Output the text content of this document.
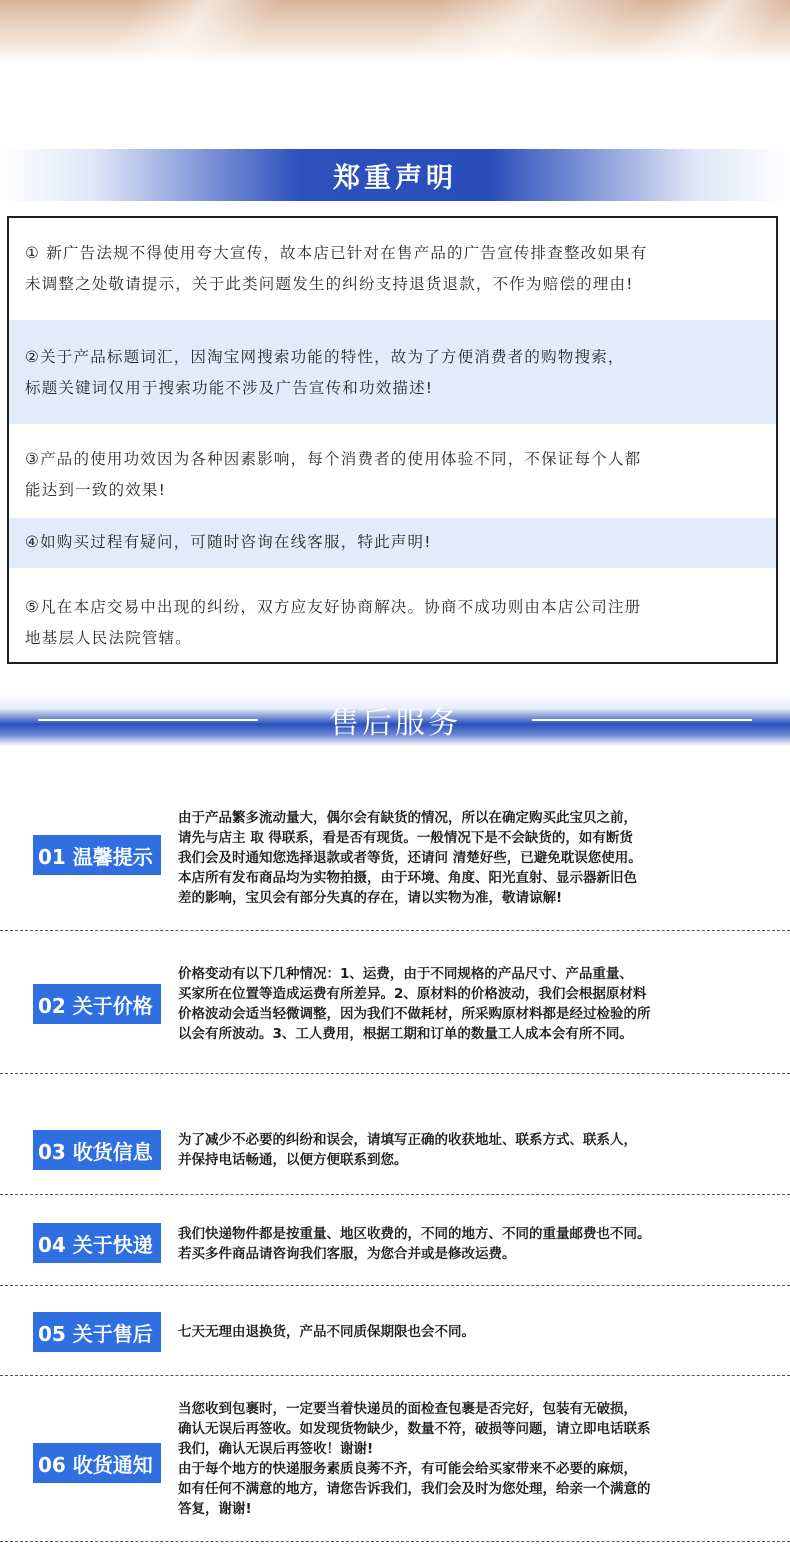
郑重声明
① 新广告法规不得使用夸大宣传，故本店已针对在售产品的广告宣传排查整改如果有
未调整之处敬请提示，关于此类问题发生的纠纷支持退货退款，不作为赔偿的理由!
②关于产品标题词汇，因淘宝网搜索功能的特性，故为了方便消费者的购物搜索，
标题关键词仅用于搜索功能不涉及广告宣传和功效描述!
③产品的使用功效因为各种因素影响，每个消费者的使用体验不同，不保证每个人都
能达到一致的效果!
④如购买过程有疑问，可随时咨询在线客服，特此声明!
⑤凡在本店交易中出现的纠纷，双方应友好协商解决。协商不成功则由本店公司注册
地基层人民法院管辖。
售后服务
01 温馨提示
由于产品繁多流动量大，偶尔会有缺货的情况，所以在确定购买此宝贝之前，
请先与店主 取 得联系，看是否有现货。一般情况下是不会缺货的，如有断货
我们会及时通知您选择退款或者等货，还请问 清楚好些，已避免耽误您使用。
本店所有发布商品均为实物拍摄，由于环境、角度、阳光直射、显示器新旧色
差的影响，宝贝会有部分失真的存在，请以实物为准，敬请谅解!
02 关于价格
价格变动有以下几种情况：1、运费，由于不同规格的产品尺寸、产品重量、
买家所在位置等造成运费有所差异。2、原材料的价格波动，我们会根据原材料
价格波动会适当轻微调整，因为我们不做耗材，所采购原材料都是经过检验的所
以会有所波动。3、工人费用，根据工期和订单的数量工人成本会有所不同。
03 收货信息	为了减少不必要的纠纷和误会，请填写正确的收获地址、联系方式、联系人，
并保持电话畅通，以便方便联系到您。
04 关于快递	我们快递物件都是按重量、地区收费的，不同的地方、不同的重量邮费也不同。
若买多件商品请咨询我们客服，为您合并或是修改运费。
05 关于售后	七天无理由退换货，产品不同质保期限也会不同。
06 收货通知
当您收到包裹时，一定要当着快递员的面检查包裹是否完好，包装有无破损，
确认无误后再签收。如发现货物缺少，数量不符，破损等问题，请立即电话联系
我们，确认无误后再签收！谢谢!
由于每个地方的快递服务素质良莠不齐，有可能会给买家带来不必要的麻烦，
如有任何不满意的地方，请您告诉我们，我们会及时为您处理，给亲一个满意的
答复，谢谢!
